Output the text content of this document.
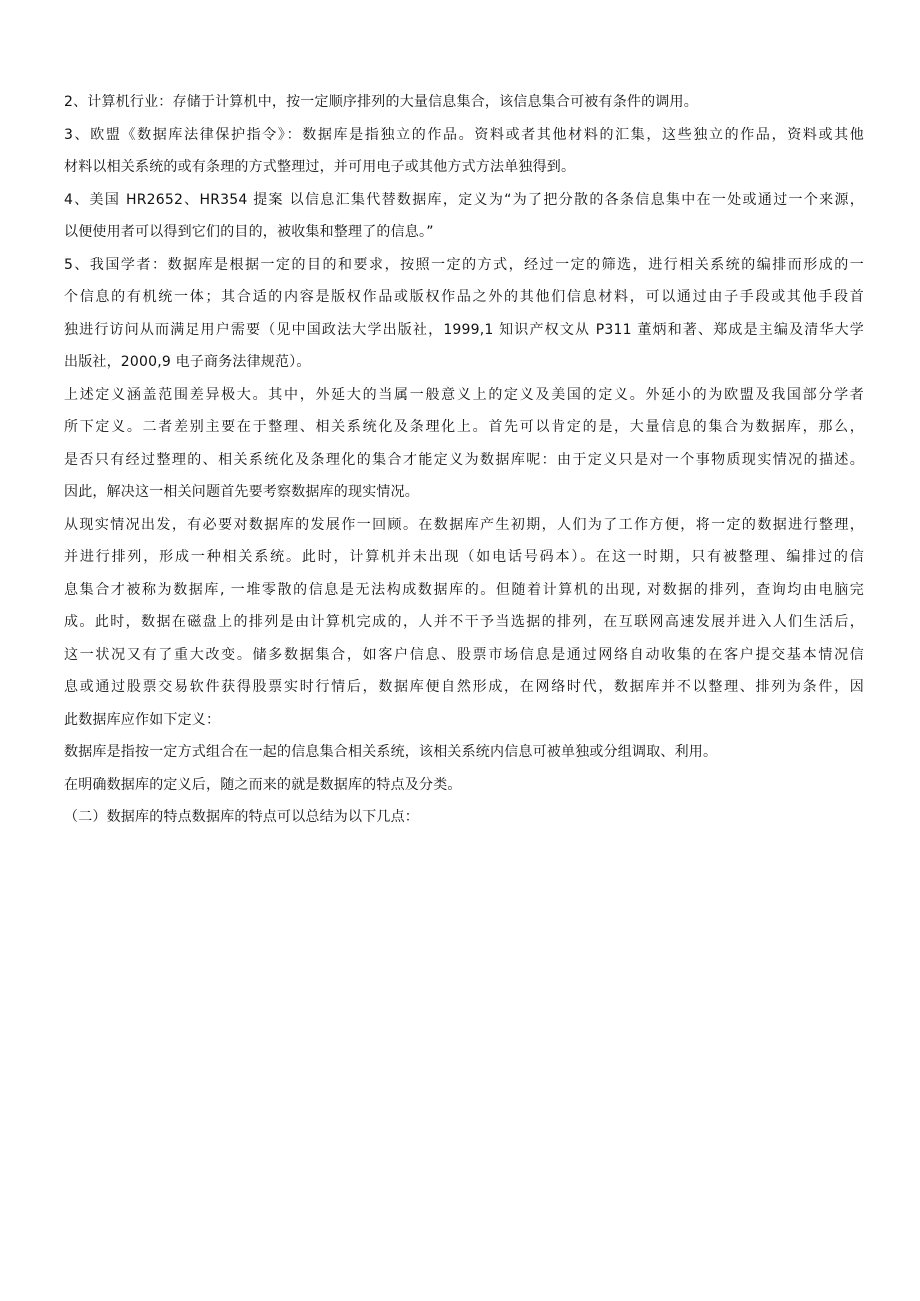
2、计算机行业：存储于计算机中，按一定顺序排列的大量信息集合，该信息集合可被有条件的调用。

3、欧盟《数据库法律保护指令》：数据库是指独立的作品。资料或者其他材料的汇集，这些独立的作品，资料或其他
材料以相关系统的或有条理的方式整理过，并可用电子或其他方式方法单独得到。

4、美国 HR2652、HR354 提案 以信息汇集代替数据库，定义为“为了把分散的各条信息集中在一处或通过一个来源，
以便使用者可以得到它们的目的，被收集和整理了的信息。”

5、我国学者：数据库是根据一定的目的和要求，按照一定的方式，经过一定的筛选，进行相关系统的编排而形成的一
个信息的有机统一体；其合适的内容是版权作品或版权作品之外的其他们信息材料，可以通过由子手段或其他手段首
独进行访问从而满足用户需要（见中国政法大学出版社，1999,1 知识产权文从 P311 董炳和著、郑成是主编及清华大学
出版社，2000,9 电子商务法律规范）。

上述定义涵盖范围差异极大。其中，外延大的当属一般意义上的定义及美国的定义。外延小的为欧盟及我国部分学者
所下定义。二者差别主要在于整理、相关系统化及条理化上。首先可以肯定的是，大量信息的集合为数据库，那么，
是否只有经过整理的、相关系统化及条理化的集合才能定义为数据库呢：由于定义只是对一个事物质现实情况的描述。
因此，解决这一相关问题首先要考察数据库的现实情况。

从现实情况出发，有必要对数据库的发展作一回顾。在数据库产生初期，人们为了工作方便，将一定的数据进行整理，
并进行排列，形成一种相关系统。此时，计算机并未出现（如电话号码本）。在这一时期，只有被整理、编排过的信
息集合才被称为数据库, 一堆零散的信息是无法构成数据库的。但随着计算机的出现, 对数据的排列，查询均由电脑完
成。此时，数据在磁盘上的排列是由计算机完成的，人并不干予当选据的排列，在互联网高速发展并进入人们生活后，
这一状况又有了重大改变。储多数据集合，如客户信息、股票市场信息是通过网络自动收集的在客户提交基本情况信
息或通过股票交易软件获得股票实时行情后，数据库便自然形成，在网络时代，数据库并不以整理、排列为条件，因
此数据库应作如下定义：

数据库是指按一定方式组合在一起的信息集合相关系统，该相关系统内信息可被单独或分组调取、利用。

在明确数据库的定义后，随之而来的就是数据库的特点及分类。

（二）数据库的特点数据库的特点可以总结为以下几点：
